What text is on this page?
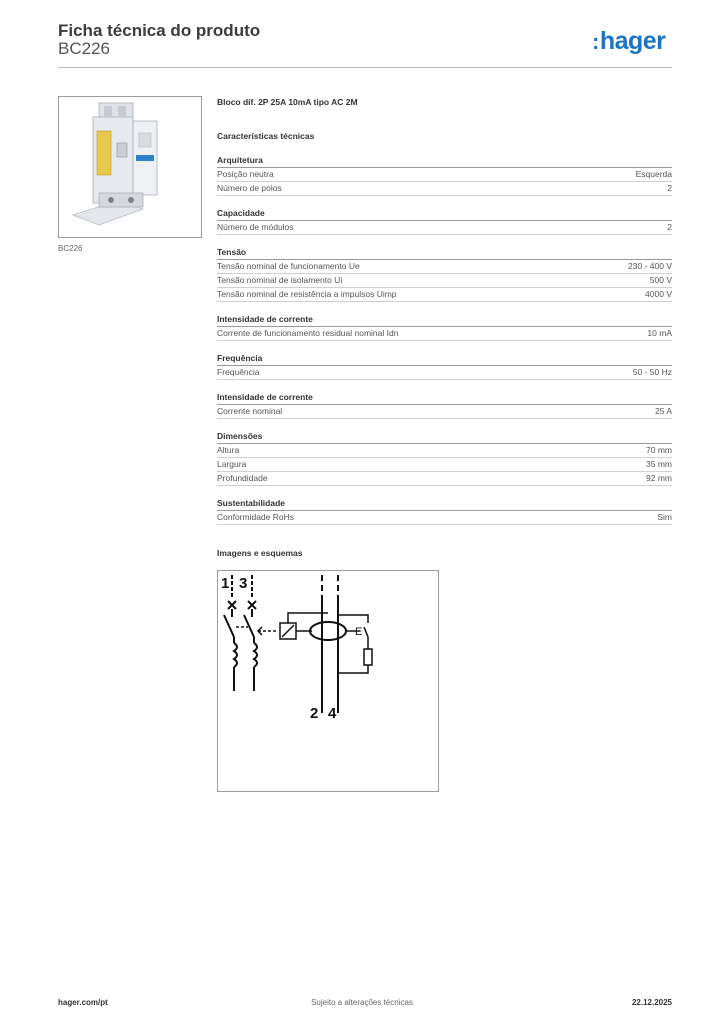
Ficha técnica do produto
BC226	:hager
BC226
Bloco dif. 2P 25A 10mA tipo AC 2M
Características técnicas
Arquitetura
Posição neutra	Esquerda
Número de polos	2
Capacidade
Número de módulos	2
Tensão
Tensão nominal de funcionamento Ue	230 - 400 V
Tensão nominal de isolamento Ui	500 V
Tensão nominal de resistência a impulsos Uimp	4000 V
Intensidade de corrente
Corrente de funcionamento residual nominal Idn	10 mA
Frequência
Frequência	50 - 50 Hz
Intensidade de corrente
Corrente nominal	25 A
Dimensões
Altura	70 mm
Largura	35 mm
Profundidade	92 mm
Sustentabilidade
Conformidade RoHs	Sim
Imagens e esquemas
1 3
E
2 4
hager.com/pt	Sujeito a alterações técnicas	22.12.2025
